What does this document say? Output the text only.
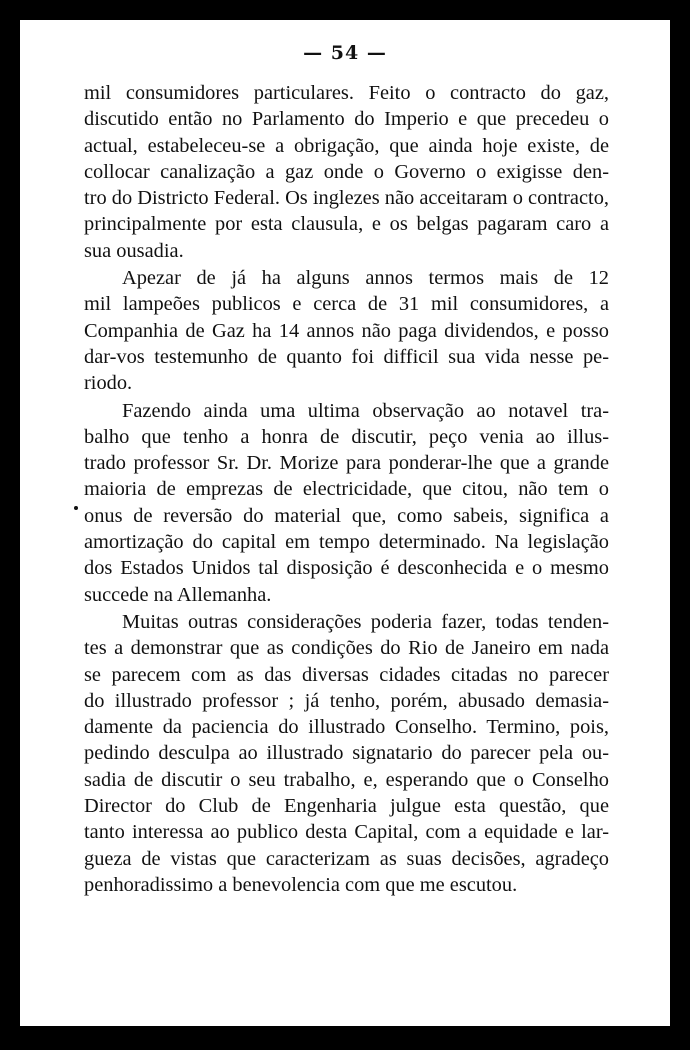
— 54 —
mil consumidores particulares. Feito o contracto do gaz,
discutido então no Parlamento do Imperio e que precedeu o
actual, estabeleceu-se a obrigação, que ainda hoje existe, de
collocar canalização a gaz onde o Governo o exigisse den-
tro do Districto Federal. Os inglezes não acceitaram o contracto,
principalmente por esta clausula, e os belgas pagaram caro a
sua ousadia.
Apezar de já ha alguns annos termos mais de 12
mil lampeões publicos e cerca de 31 mil consumidores, a
Companhia de Gaz ha 14 annos não paga dividendos, e posso
dar-vos testemunho de quanto foi difficil sua vida nesse pe-
riodo.
Fazendo ainda uma ultima observação ao notavel tra-
balho que tenho a honra de discutir, peço venia ao illus-
trado professor Sr. Dr. Morize para ponderar-lhe que a grande
maioria de emprezas de electricidade, que citou, não tem o
onus de reversão do material que, como sabeis, significa a
amortização do capital em tempo determinado. Na legislação
dos Estados Unidos tal disposição é desconhecida e o mesmo
succede na Allemanha.
Muitas outras considerações poderia fazer, todas tenden-
tes a demonstrar que as condições do Rio de Janeiro em nada
se parecem com as das diversas cidades citadas no parecer
do illustrado professor ; já tenho, porém, abusado demasia-
damente da paciencia do illustrado Conselho. Termino, pois,
pedindo desculpa ao illustrado signatario do parecer pela ou-
sadia de discutir o seu trabalho, e, esperando que o Conselho
Director do Club de Engenharia julgue esta questão, que
tanto interessa ao publico desta Capital, com a equidade e lar-
gueza de vistas que caracterizam as suas decisões, agradeço
penhoradissimo a benevolencia com que me escutou.
